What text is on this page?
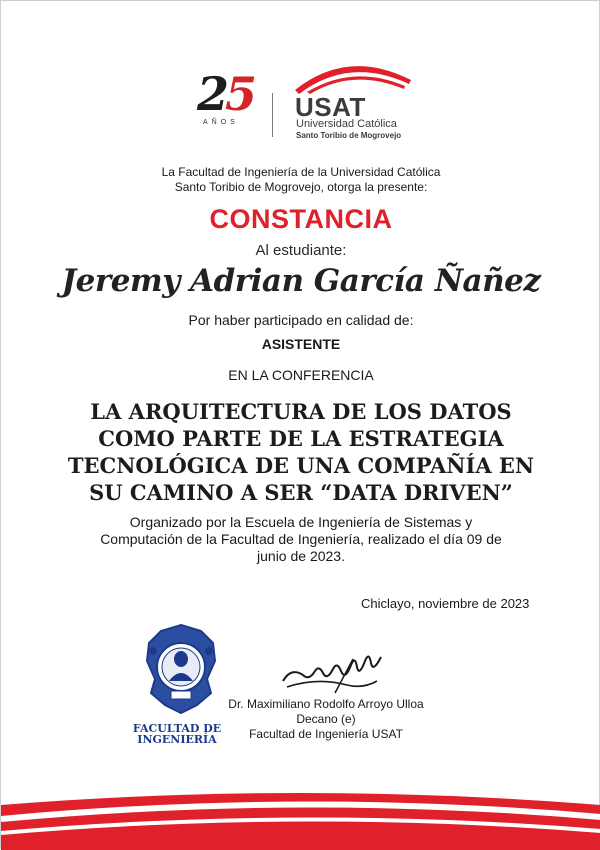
25
AÑOS
USAT
Universidad Católica
Santo Toribio de Mogrovejo
La Facultad de Ingeniería de la Universidad Católica
Santo Toribio de Mogrovejo, otorga la presente:
CONSTANCIA
Al estudiante:
Jeremy Adrian García Ñañez
Por haber participado en calidad de:
ASISTENTE
EN LA CONFERENCIA
LA ARQUITECTURA DE LOS DATOS
COMO PARTE DE LA ESTRATEGIA
TECNOLÓGICA DE UNA COMPAÑÍA EN
SU CAMINO A SER “DATA DRIVEN”
Organizado por la Escuela de Ingeniería de Sistemas y
Computación de la Facultad de Ingeniería, realizado el día 09 de
junio de 2023.
Chiclayo, noviembre de 2023
FACULTAD DE
INGENIERÍA
Dr. Maximiliano Rodolfo Arroyo Ulloa
Decano (e)
Facultad de Ingeniería USAT
